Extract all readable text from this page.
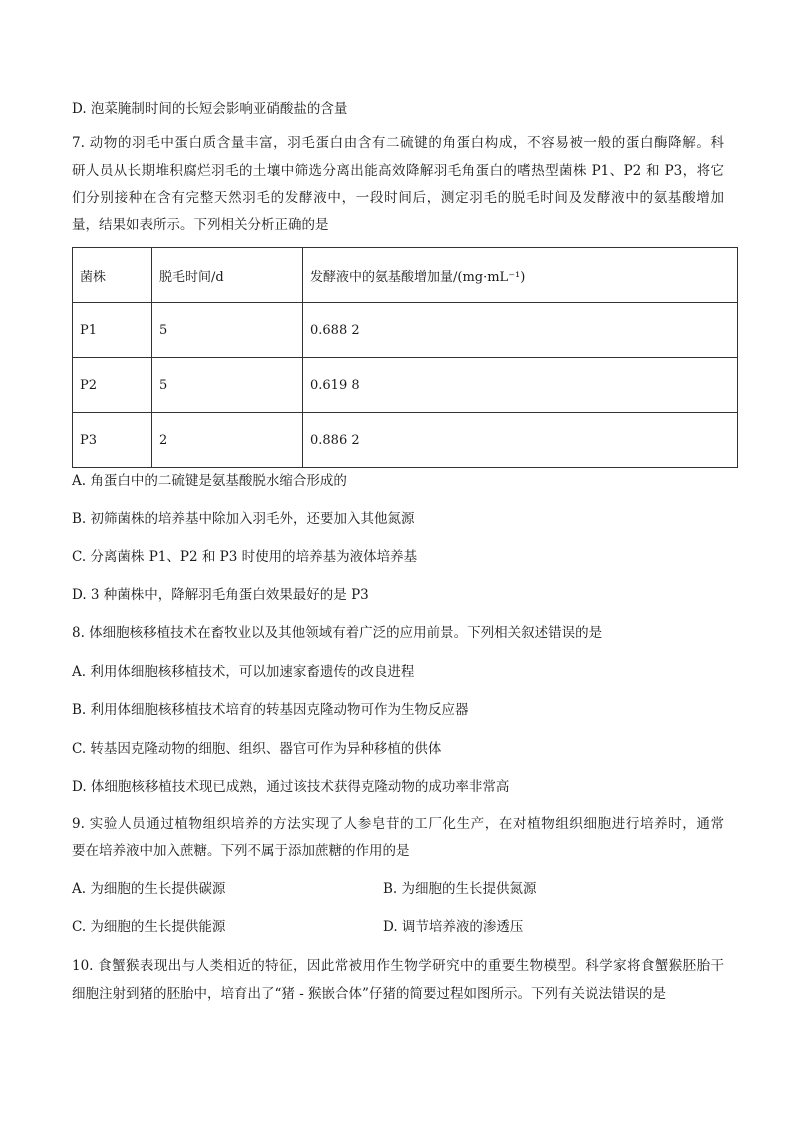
D. 泡菜腌制时间的长短会影响亚硝酸盐的含量
7. 动物的羽毛中蛋白质含量丰富，羽毛蛋白由含有二硫键的角蛋白构成，不容易被一般的蛋白酶降解。科
研人员从长期堆积腐烂羽毛的土壤中筛选分离出能高效降解羽毛角蛋白的嗜热型菌株 P1、P2 和 P3，将它
们分别接种在含有完整天然羽毛的发酵液中，一段时间后，测定羽毛的脱毛时间及发酵液中的氨基酸增加
量，结果如表所示。下列相关分析正确的是
菌株	脱毛时间/d	发酵液中的氨基酸增加量/(mg·mL⁻¹)
P1	5	0.688 2
P2	5	0.619 8
P3	2	0.886 2
A. 角蛋白中的二硫键是氨基酸脱水缩合形成的
B. 初筛菌株的培养基中除加入羽毛外，还要加入其他氮源
C. 分离菌株 P1、P2 和 P3 时使用的培养基为液体培养基
D. 3 种菌株中，降解羽毛角蛋白效果最好的是 P3
8. 体细胞核移植技术在畜牧业以及其他领域有着广泛的应用前景。下列相关叙述错误的是
A. 利用体细胞核移植技术，可以加速家畜遗传的改良进程
B. 利用体细胞核移植技术培育的转基因克隆动物可作为生物反应器
C. 转基因克隆动物的细胞、组织、器官可作为异种移植的供体
D. 体细胞核移植技术现已成熟，通过该技术获得克隆动物的成功率非常高
9. 实验人员通过植物组织培养的方法实现了人参皂苷的工厂化生产，在对植物组织细胞进行培养时，通常
要在培养液中加入蔗糖。下列不属于添加蔗糖的作用的是
A. 为细胞的生长提供碳源	B. 为细胞的生长提供氮源
C. 为细胞的生长提供能源	D. 调节培养液的渗透压
10. 食蟹猴表现出与人类相近的特征，因此常被用作生物学研究中的重要生物模型。科学家将食蟹猴胚胎干
细胞注射到猪的胚胎中，培育出了“猪 - 猴嵌合体”仔猪的简要过程如图所示。下列有关说法错误的是
